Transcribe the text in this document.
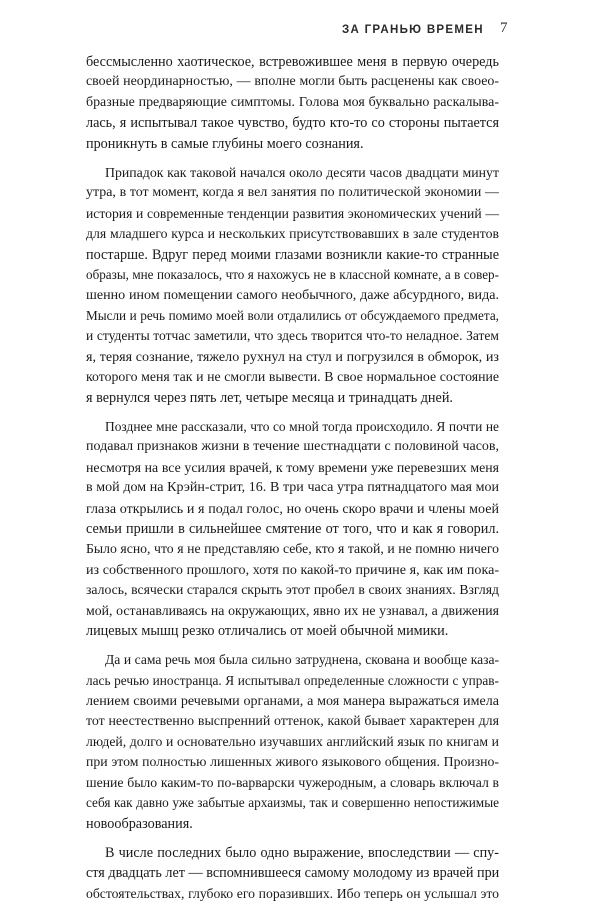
ЗА ГРАНЬЮ ВРЕМЕН 7

бессмысленно хаотическое, встревожившее меня в первую очередь
своей неординарностью, — вполне могли быть расценены как своео-
бразные предваряющие симптомы. Голова моя буквально раскалыва-
лась, я испытывал такое чувство, будто кто-то со стороны пытается
проникнуть в самые глубины моего сознания.

Припадок как таковой начался около десяти часов двадцати минут
утра, в тот момент, когда я вел занятия по политической экономии —
история и современные тенденции развития экономических учений —
для младшего курса и нескольких присутствовавших в зале студентов
постарше. Вдруг перед моими глазами возникли какие-то странные
образы, мне показалось, что я нахожусь не в классной комнате, а в совер-
шенно ином помещении самого необычного, даже абсурдного, вида.
Мысли и речь помимо моей воли отдалились от обсуждаемого предмета,
и студенты тотчас заметили, что здесь творится что-то неладное. Затем
я, теряя сознание, тяжело рухнул на стул и погрузился в обморок, из
которого меня так и не смогли вывести. В свое нормальное состояние
я вернулся через пять лет, четыре месяца и тринадцать дней.

Позднее мне рассказали, что со мной тогда происходило. Я почти не
подавал признаков жизни в течение шестнадцати с половиной часов,
несмотря на все усилия врачей, к тому времени уже перевезших меня
в мой дом на Крэйн-стрит, 16. В три часа утра пятнадцатого мая мои
глаза открылись и я подал голос, но очень скоро врачи и члены моей
семьи пришли в сильнейшее смятение от того, что и как я говорил.
Было ясно, что я не представляю себе, кто я такой, и не помню ничего
из собственного прошлого, хотя по какой-то причине я, как им пока-
залось, всячески старался скрыть этот пробел в своих знаниях. Взгляд
мой, останавливаясь на окружающих, явно их не узнавал, а движения
лицевых мышц резко отличались от моей обычной мимики.

Да и сама речь моя была сильно затруднена, скована и вообще каза-
лась речью иностранца. Я испытывал определенные сложности с управ-
лением своими речевыми органами, а моя манера выражаться имела
тот неестественно выспренний оттенок, какой бывает характерен для
людей, долго и основательно изучавших английский язык по книгам и
при этом полностью лишенных живого языкового общения. Произно-
шение было каким-то по-варварски чужеродным, а словарь включал в
себя как давно уже забытые архаизмы, так и совершенно непостижимые
новообразования.

В числе последних было одно выражение, впоследствии — спу-
стя двадцать лет — вспомнившееся самому молодому из врачей при
обстоятельствах, глубоко его поразивших. Ибо теперь он услышал это
